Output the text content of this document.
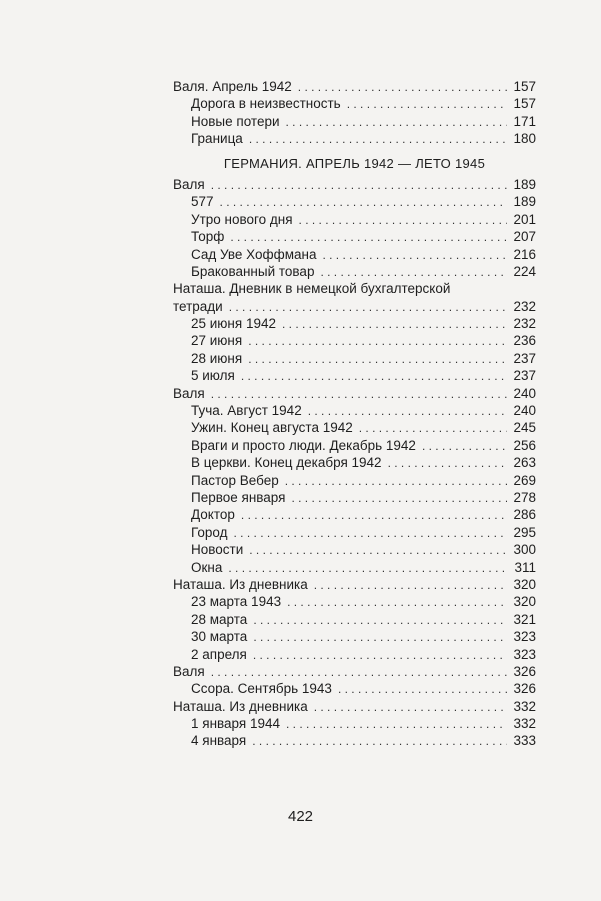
Валя. Апрель 1942 . . .	157
Дорога в неизвестность . . .	157
Новые потери . . .	171
Граница . . .	180
ГЕРМАНИЯ. АПРЕЛЬ 1942 — ЛЕТО 1945
Валя . . .	189
577 . . .	189
Утро нового дня . . .	201
Торф . . .	207
Сад Уве Хоффмана . . .	216
Бракованный товар . . .	224
Наташа. Дневник в немецкой бухгалтерской
тетради . . .	232
25 июня 1942 . . .	232
27 июня . . .	236
28 июня . . .	237
5 июля . . .	237
Валя . . .	240
Туча. Август 1942 . . .	240
Ужин. Конец августа 1942 . . .	245
Враги и просто люди. Декабрь 1942 . . .	256
В церкви. Конец декабря 1942 . . .	263
Пастор Вебер . . .	269
Первое января . . .	278
Доктор . . .	286
Город . . .	295
Новости . . .	300
Окна . . .	311
Наташа. Из дневника . . .	320
23 марта 1943 . . .	320
28 марта . . .	321
30 марта . . .	323
2 апреля . . .	323
Валя . . .	326
Ссора. Сентябрь 1943 . . .	326
Наташа. Из дневника . . .	332
1 января 1944 . . .	332
4 января . . .	333
422
